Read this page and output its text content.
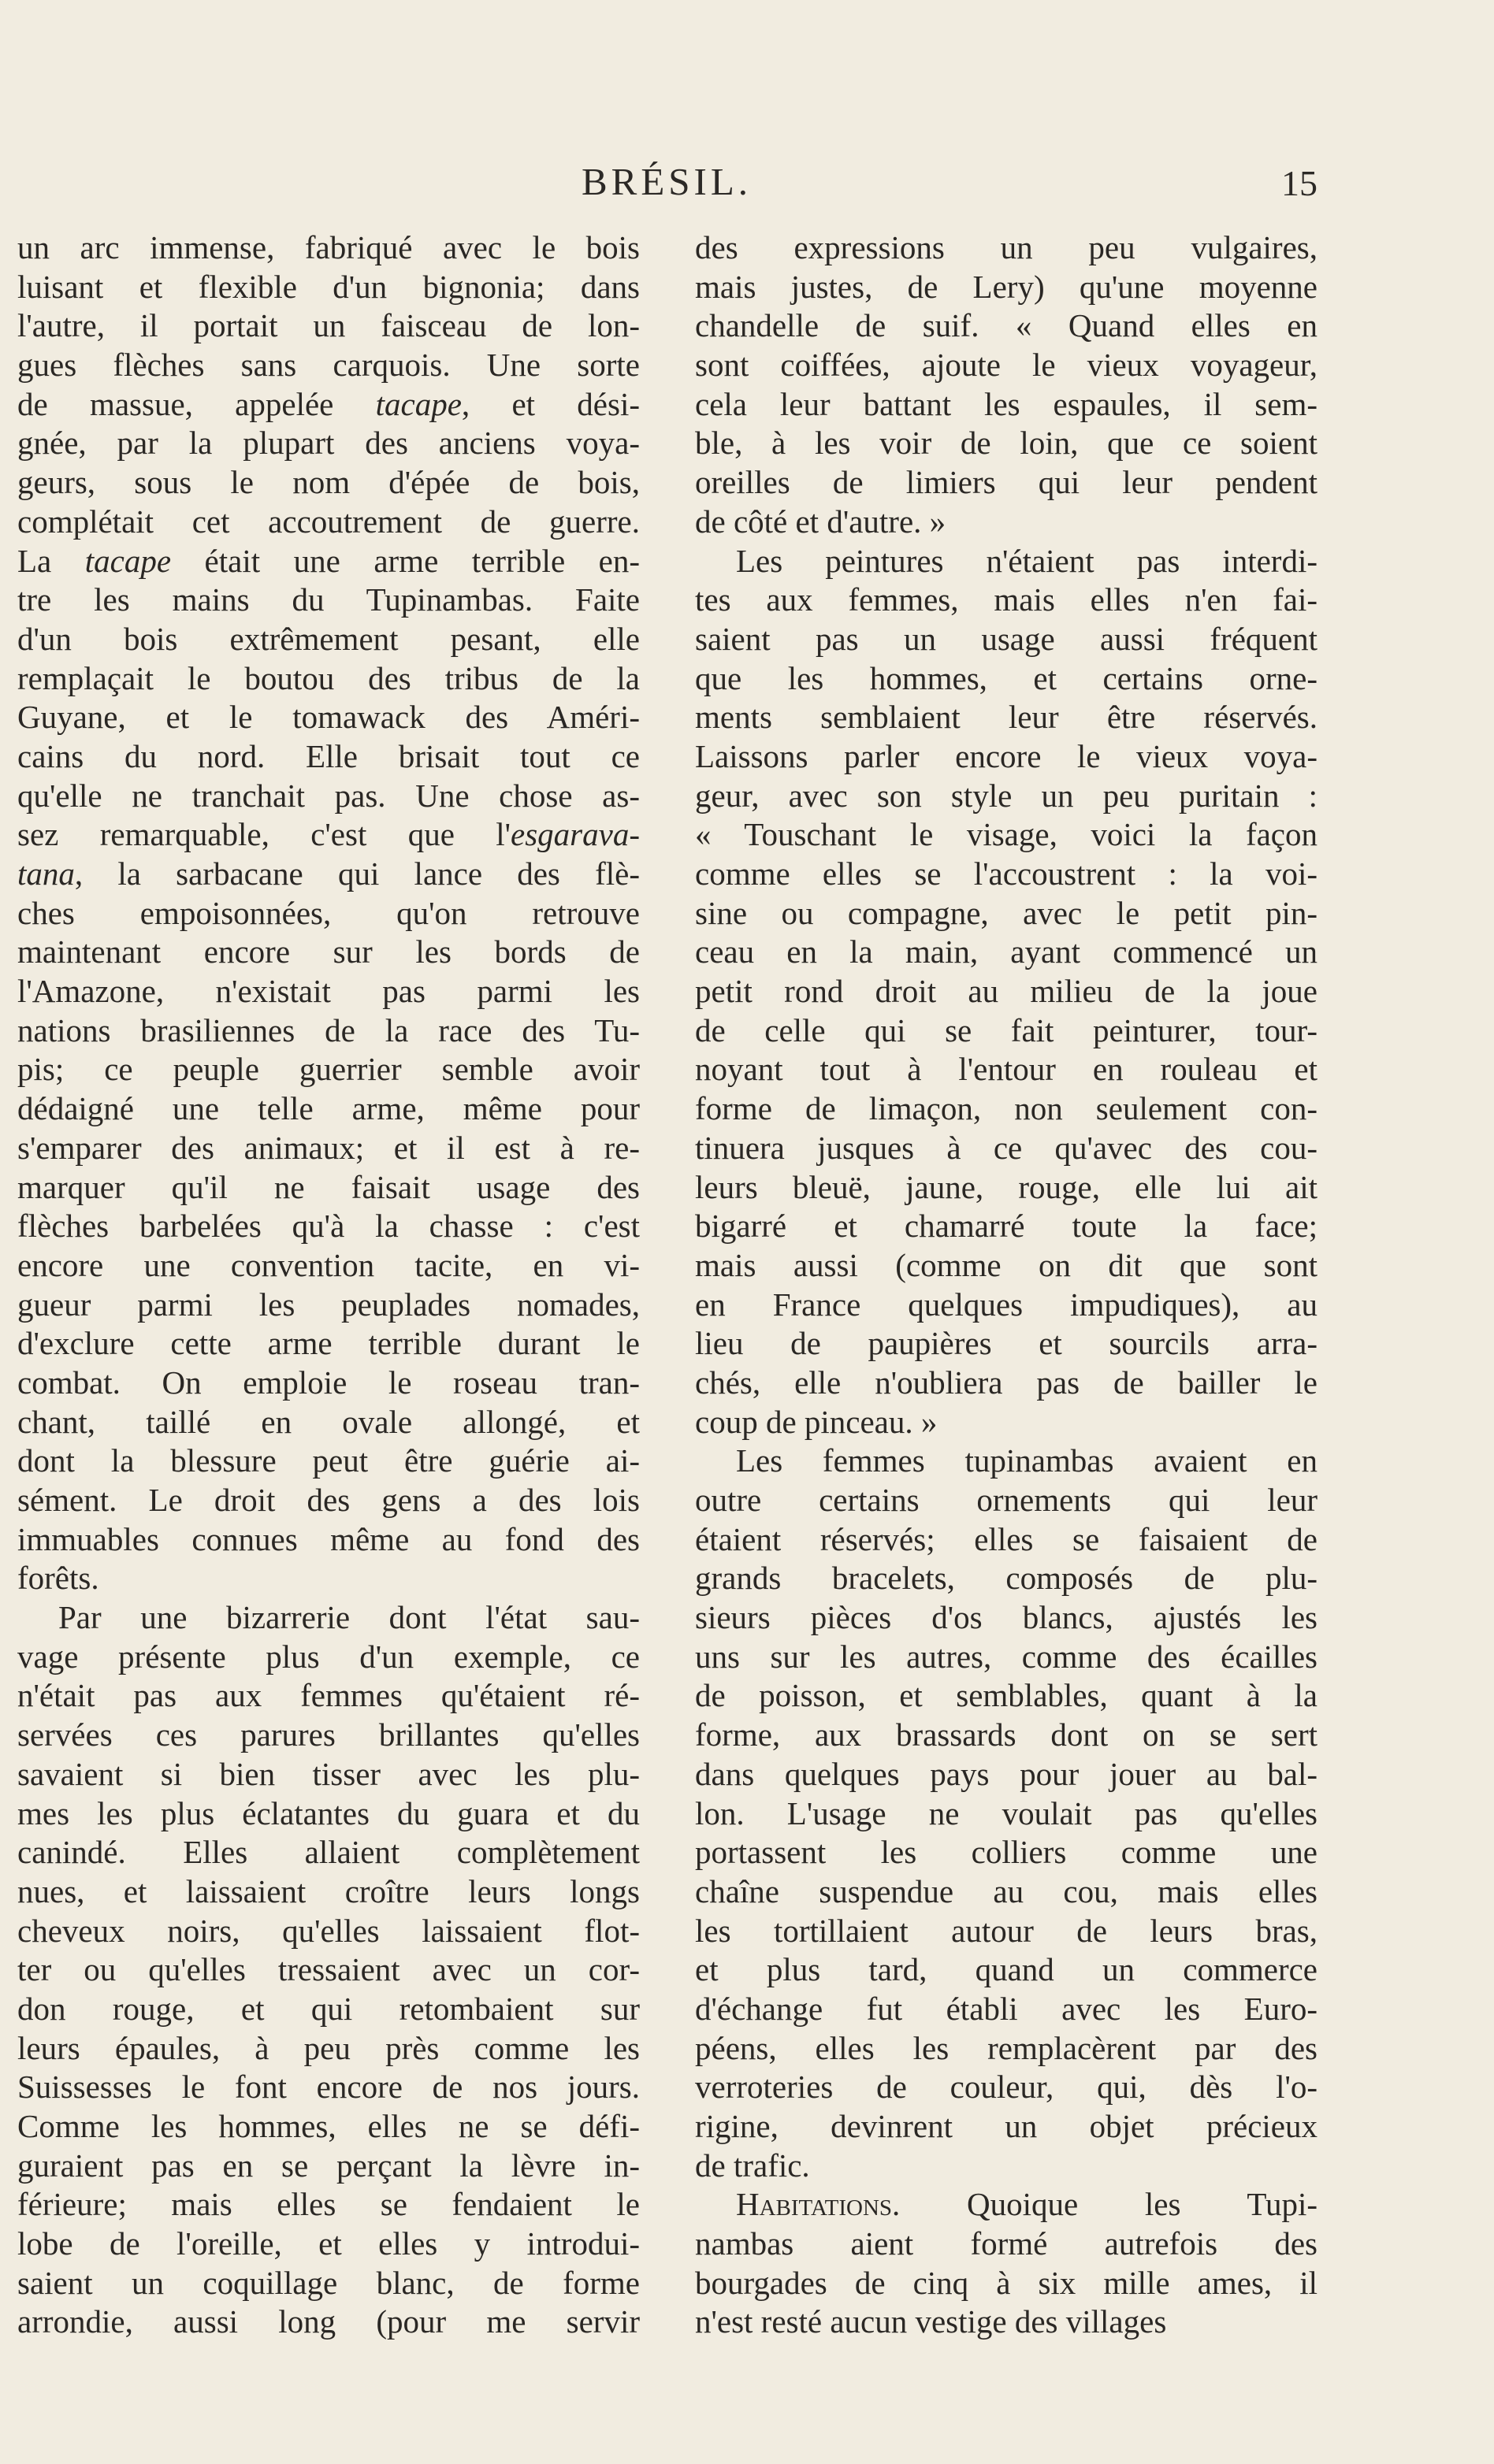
BRÉSIL.	15
un arc immense, fabriqué avec le bois
luisant et flexible d'un bignonia; dans
l'autre, il portait un faisceau de lon-
gues flèches sans carquois. Une sorte
de massue, appelée tacape, et dési-
gnée, par la plupart des anciens voya-
geurs, sous le nom d'épée de bois,
complétait cet accoutrement de guerre.
La tacape était une arme terrible en-
tre les mains du Tupinambas. Faite
d'un bois extrêmement pesant, elle
remplaçait le boutou des tribus de la
Guyane, et le tomawack des Améri-
cains du nord. Elle brisait tout ce
qu'elle ne tranchait pas. Une chose as-
sez remarquable, c'est que l'esgarava-
tana, la sarbacane qui lance des flè-
ches empoisonnées, qu'on retrouve
maintenant encore sur les bords de
l'Amazone, n'existait pas parmi les
nations brasiliennes de la race des Tu-
pis; ce peuple guerrier semble avoir
dédaigné une telle arme, même pour
s'emparer des animaux; et il est à re-
marquer qu'il ne faisait usage des
flèches barbelées qu'à la chasse : c'est
encore une convention tacite, en vi-
gueur parmi les peuplades nomades,
d'exclure cette arme terrible durant le
combat. On emploie le roseau tran-
chant, taillé en ovale allongé, et
dont la blessure peut être guérie ai-
sément. Le droit des gens a des lois
immuables connues même au fond des
forêts.
Par une bizarrerie dont l'état sau-
vage présente plus d'un exemple, ce
n'était pas aux femmes qu'étaient ré-
servées ces parures brillantes qu'elles
savaient si bien tisser avec les plu-
mes les plus éclatantes du guara et du
canindé. Elles allaient complètement
nues, et laissaient croître leurs longs
cheveux noirs, qu'elles laissaient flot-
ter ou qu'elles tressaient avec un cor-
don rouge, et qui retombaient sur
leurs épaules, à peu près comme les
Suissesses le font encore de nos jours.
Comme les hommes, elles ne se défi-
guraient pas en se perçant la lèvre in-
férieure; mais elles se fendaient le
lobe de l'oreille, et elles y introdui-
saient un coquillage blanc, de forme
arrondie, aussi long (pour me servir
des expressions un peu vulgaires,
mais justes, de Lery) qu'une moyenne
chandelle de suif. « Quand elles en
sont coiffées, ajoute le vieux voyageur,
cela leur battant les espaules, il sem-
ble, à les voir de loin, que ce soient
oreilles de limiers qui leur pendent
de côté et d'autre. »
Les peintures n'étaient pas interdi-
tes aux femmes, mais elles n'en fai-
saient pas un usage aussi fréquent
que les hommes, et certains orne-
ments semblaient leur être réservés.
Laissons parler encore le vieux voya-
geur, avec son style un peu puritain :
« Touschant le visage, voici la façon
comme elles se l'accoustrent : la voi-
sine ou compagne, avec le petit pin-
ceau en la main, ayant commencé un
petit rond droit au milieu de la joue
de celle qui se fait peinturer, tour-
noyant tout à l'entour en rouleau et
forme de limaçon, non seulement con-
tinuera jusques à ce qu'avec des cou-
leurs bleuë, jaune, rouge, elle lui ait
bigarré et chamarré toute la face;
mais aussi (comme on dit que sont
en France quelques impudiques), au
lieu de paupières et sourcils arra-
chés, elle n'oubliera pas de bailler le
coup de pinceau. »
Les femmes tupinambas avaient en
outre certains ornements qui leur
étaient réservés; elles se faisaient de
grands bracelets, composés de plu-
sieurs pièces d'os blancs, ajustés les
uns sur les autres, comme des écailles
de poisson, et semblables, quant à la
forme, aux brassards dont on se sert
dans quelques pays pour jouer au bal-
lon. L'usage ne voulait pas qu'elles
portassent les colliers comme une
chaîne suspendue au cou, mais elles
les tortillaient autour de leurs bras,
et plus tard, quand un commerce
d'échange fut établi avec les Euro-
péens, elles les remplacèrent par des
verroteries de couleur, qui, dès l'o-
rigine, devinrent un objet précieux
de trafic.
Habitations. Quoique les Tupi-
nambas aient formé autrefois des
bourgades de cinq à six mille ames, il
n'est resté aucun vestige des villages
